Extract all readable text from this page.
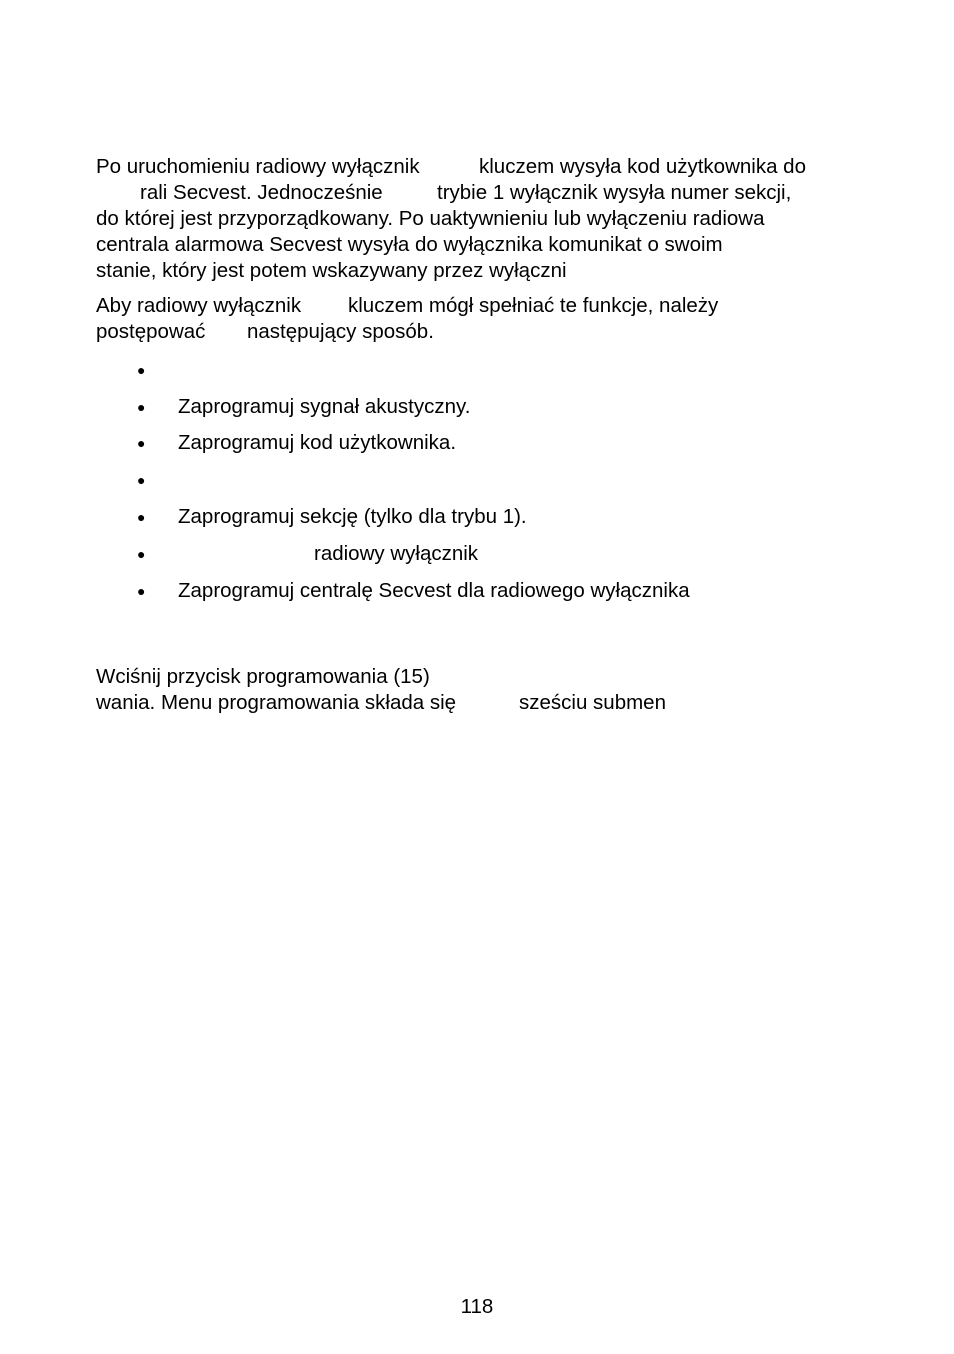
Po uruchomieniu radiowy wyłącznik	kluczem wysyła kod użytkownika do
rali Secvest. Jednocześnie	trybie 1 wyłącznik wysyła numer sekcji,
do której jest przyporządkowany. Po uaktywnieniu lub wyłączeniu radiowa
centrala alarmowa Secvest wysyła do wyłącznika komunikat o swoim
stanie, który jest potem wskazywany przez wyłączni
Aby radiowy wyłącznik kluczem mógł spełniać te funkcje, należy
postępować następujący sposób.
●
● Zaprogramuj sygnał akustyczny.
● Zaprogramuj kod użytkownika.
●
● Zaprogramuj sekcję (tylko dla trybu 1).
●	radiowy wyłącznik
● Zaprogramuj centralę Secvest dla radiowego wyłącznika
Wciśnij przycisk programowania (15)
wania. Menu programowania składa się	sześciu submen
118
